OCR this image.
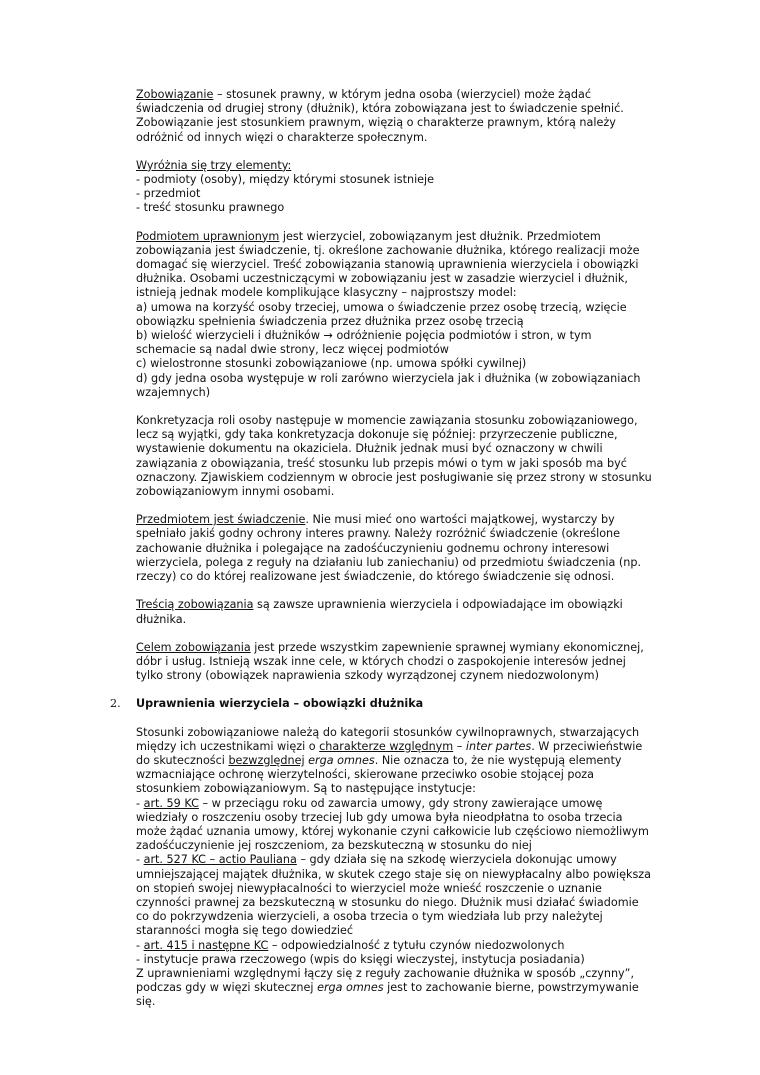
Zobowiązanie – stosunek prawny, w którym jedna osoba (wierzyciel) może żądać
świadczenia od drugiej strony (dłużnik), która zobowiązana jest to świadczenie spełnić.
Zobowiązanie jest stosunkiem prawnym, więzią o charakterze prawnym, którą należy
odróżnić od innych więzi o charakterze społecznym.

Wyróżnia się trzy elementy:
- podmioty (osoby), między którymi stosunek istnieje
- przedmiot
- treść stosunku prawnego

Podmiotem uprawnionym jest wierzyciel, zobowiązanym jest dłużnik. Przedmiotem
zobowiązania jest świadczenie, tj. określone zachowanie dłużnika, którego realizacji może
domagać się wierzyciel. Treść zobowiązania stanowią uprawnienia wierzyciela i obowiązki
dłużnika. Osobami uczestniczącymi w zobowiązaniu jest w zasadzie wierzyciel i dłużnik,
istnieją jednak modele komplikujące klasyczny – najprostszy model:
a) umowa na korzyść osoby trzeciej, umowa o świadczenie przez osobę trzecią, wzięcie
obowiązku spełnienia świadczenia przez dłużnika przez osobę trzecią
b) wielość wierzycieli i dłużników → odróżnienie pojęcia podmiotów i stron, w tym
schemacie są nadal dwie strony, lecz więcej podmiotów
c) wielostronne stosunki zobowiązaniowe (np. umowa spółki cywilnej)
d) gdy jedna osoba występuje w roli zarówno wierzyciela jak i dłużnika (w zobowiązaniach
wzajemnych)

Konkretyzacja roli osoby następuje w momencie zawiązania stosunku zobowiązaniowego,
lecz są wyjątki, gdy taka konkretyzacja dokonuje się później: przyrzeczenie publiczne,
wystawienie dokumentu na okaziciela. Dłużnik jednak musi być oznaczony w chwili
zawiązania z obowiązania, treść stosunku lub przepis mówi o tym w jaki sposób ma być
oznaczony. Zjawiskiem codziennym w obrocie jest posługiwanie się przez strony w stosunku
zobowiązaniowym innymi osobami.

Przedmiotem jest świadczenie. Nie musi mieć ono wartości majątkowej, wystarczy by
spełniało jakiś godny ochrony interes prawny. Należy rozróżnić świadczenie (określone
zachowanie dłużnika i polegające na zadośćuczynieniu godnemu ochrony interesowi
wierzyciela, polega z reguły na działaniu lub zaniechaniu) od przedmiotu świadczenia (np.
rzeczy) co do której realizowane jest świadczenie, do którego świadczenie się odnosi.

Treścią zobowiązania są zawsze uprawnienia wierzyciela i odpowiadające im obowiązki
dłużnika.

Celem zobowiązania jest przede wszystkim zapewnienie sprawnej wymiany ekonomicznej,
dóbr i usług. Istnieją wszak inne cele, w których chodzi o zaspokojenie interesów jednej
tylko strony (obowiązek naprawienia szkody wyrządzonej czynem niedozwolonym)

2. Uprawnienia wierzyciela – obowiązki dłużnika

Stosunki zobowiązaniowe należą do kategorii stosunków cywilnoprawnych, stwarzających
między ich uczestnikami więzi o charakterze względnym – inter partes. W przeciwieństwie
do skuteczności bezwzględnej erga omnes. Nie oznacza to, że nie występują elementy
wzmacniające ochronę wierzytelności, skierowane przeciwko osobie stojącej poza
stosunkiem zobowiązaniowym. Są to następujące instytucje:
- art. 59 KC – w przeciągu roku od zawarcia umowy, gdy strony zawierające umowę
wiedziały o roszczeniu osoby trzeciej lub gdy umowa była nieodpłatna to osoba trzecia
może żądać uznania umowy, której wykonanie czyni całkowicie lub częściowo niemożliwym
zadośćuczynienie jej roszczeniom, za bezskuteczną w stosunku do niej
- art. 527 KC – actio Pauliana – gdy działa się na szkodę wierzyciela dokonując umowy
umniejszającej majątek dłużnika, w skutek czego staje się on niewypłacalny albo powiększa
on stopień swojej niewypłacalności to wierzyciel może wnieść roszczenie o uznanie
czynności prawnej za bezskuteczną w stosunku do niego. Dłużnik musi działać świadomie
co do pokrzywdzenia wierzycieli, a osoba trzecia o tym wiedziała lub przy należytej
staranności mogła się tego dowiedzieć
- art. 415 i następne KC – odpowiedzialność z tytułu czynów niedozwolonych
- instytucje prawa rzeczowego (wpis do księgi wieczystej, instytucja posiadania)
Z uprawnieniami względnymi łączy się z reguły zachowanie dłużnika w sposób „czynny”,
podczas gdy w więzi skutecznej erga omnes jest to zachowanie bierne, powstrzymywanie
się.
